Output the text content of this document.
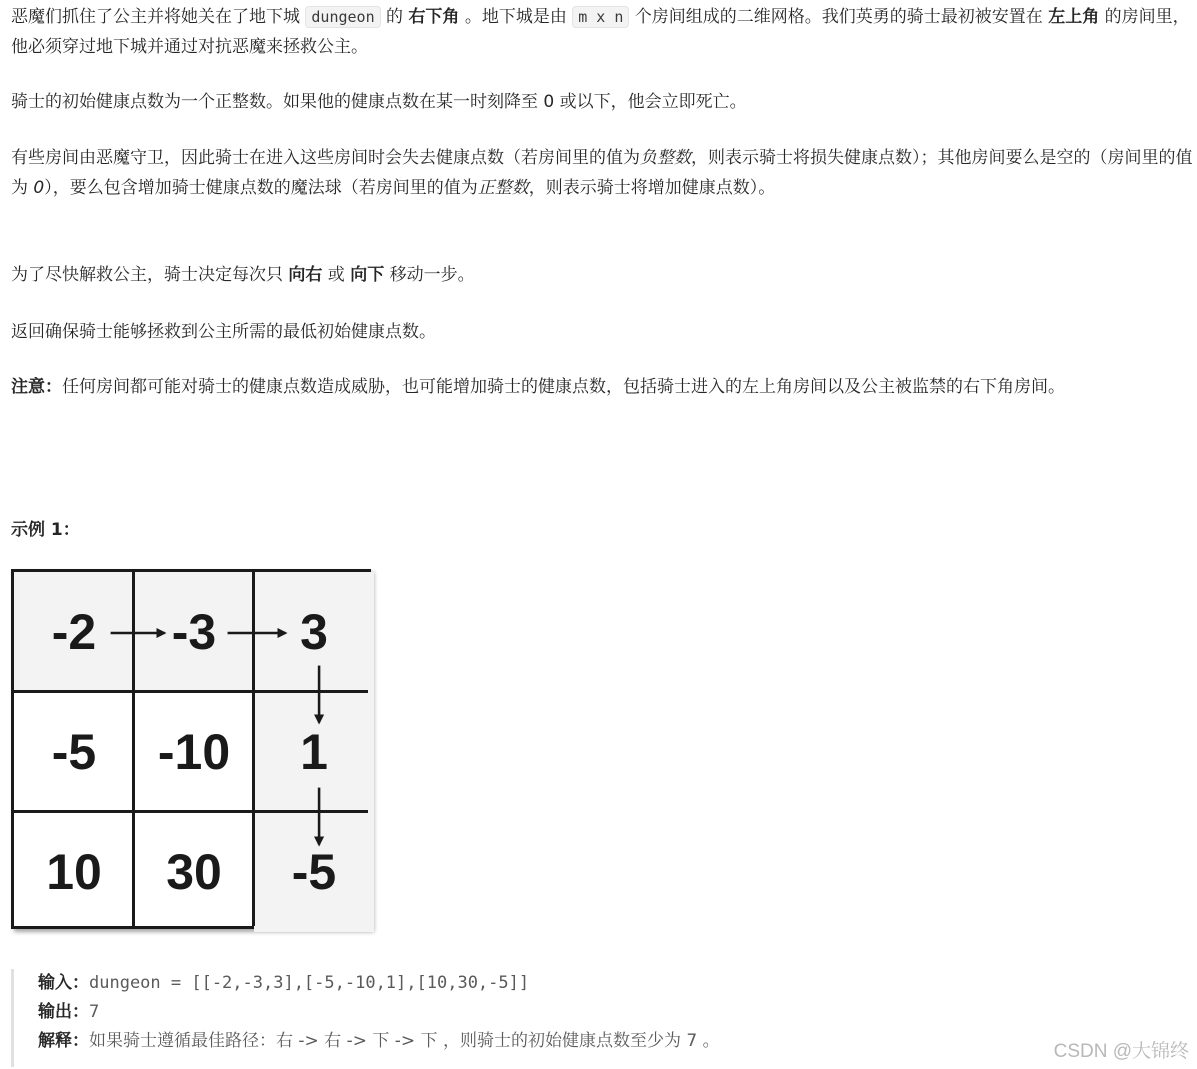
恶魔们抓住了公主并将她关在了地下城 dungeon 的 右下角 。地下城是由 m x n 个房间组成的二维网格。我们英勇的骑士最初被安置在 左上角 的房间里，他必须穿过地下城并通过对抗恶魔来拯救公主。

骑士的初始健康点数为一个正整数。如果他的健康点数在某一时刻降至 0 或以下，他会立即死亡。

有些房间由恶魔守卫，因此骑士在进入这些房间时会失去健康点数（若房间里的值为负整数，则表示骑士将损失健康点数）；其他房间要么是空的（房间里的值为 0），要么包含增加骑士健康点数的魔法球（若房间里的值为正整数，则表示骑士将增加健康点数）。

为了尽快解救公主，骑士决定每次只 向右 或 向下 移动一步。

返回确保骑士能够拯救到公主所需的最低初始健康点数。

注意：任何房间都可能对骑士的健康点数造成威胁，也可能增加骑士的健康点数，包括骑士进入的左上角房间以及公主被监禁的右下角房间。

示例 1：

-2	-3	3
-5	-10	1
10	30	-5
输入：dungeon = [[-2,-3,3],[-5,-10,1],[10,30,-5]]
输出：7
解释：如果骑士遵循最佳路径：右 -> 右 -> 下 -> 下 ，则骑士的初始健康点数至少为 7 。	CSDN @大锦终
